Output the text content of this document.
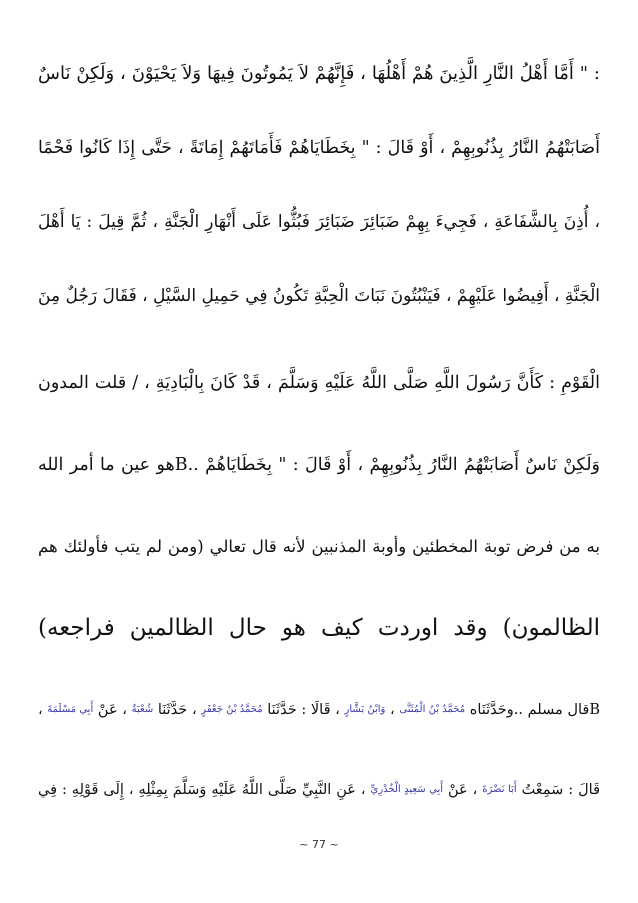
: " أَمَّا أَهْلُ النَّارِ الَّذِينَ هُمْ أَهْلُهَا ، فَإِنَّهُمْ لاَ يَمُوتُونَ فِيهَا وَلاَ يَحْيَوْنَ ، وَلَكِنْ نَاسٌ
أَصَابَتْهُمُ النَّارُ بِذُنُوبِهِمْ ، أَوْ قَالَ : " بِخَطَايَاهُمْ فَأَمَاتَهُمْ إِمَاتَةً ، حَتَّى إِذَا كَانُوا فَحْمًا
، أُذِنَ بِالشَّفَاعَةِ ، فَجِيءَ بِهِمْ ضَبَائِرَ ضَبَائِرَ فَبُثُّوا عَلَى أَنْهَارِ الْجَنَّةِ ، ثُمَّ قِيلَ : يَا أَهْلَ
الْجَنَّةِ ، أَفِيضُوا عَلَيْهِمْ ، فَيَنْبُتُونَ نَبَاتَ الْحِبَّةِ تَكُونُ فِي حَمِيلِ السَّيْلِ ، فَقَالَ رَجُلٌ مِنَ
الْقَوْمِ : كَأَنَّ رَسُولَ اللَّهِ صَلَّى اللَّهُ عَلَيْهِ وَسَلَّمَ ، قَدْ كَانَ بِالْبَادِيَةِ ، / قلت المدون
وَلَكِنْ نَاسٌ أَصَابَتْهُمُ النَّارُ بِذُنُوبِهِمْ ، أَوْ قَالَ : " بِخَطَايَاهُمْ ..Bهو عين ما أمر الله
به من فرض توبة المخطئين وأوبة المذنبين لأنه قال تعالي (ومن لم يتب فأولئك هم
الظالمون) وقد اوردت كيف هو حال الظالمين فراجعه)
Bقال مسلم ..وحَدَّثَنَاه مُحَمَّدُ بْنُ الْمُثَنَّى ، وَابْنُ بَشَّارٍ ، قَالَا : حَدَّثَنَا مُحَمَّدُ بْنُ جَعْفَرٍ ، حَدَّثَنَا شُعْبَةُ ، عَنْ أَبِي مَسْلَمَةَ ،
قَالَ : سَمِعْتُ أَبَا نَضْرَةَ ، عَنْ أَبِي سَعِيدٍ الْخُدْرِيِّ ، عَنِ النَّبِيِّ صَلَّى اللَّهُ عَلَيْهِ وَسَلَّمَ بِمِثْلِهِ ، إِلَى قَوْلِهِ : فِي
~ 77 ~
